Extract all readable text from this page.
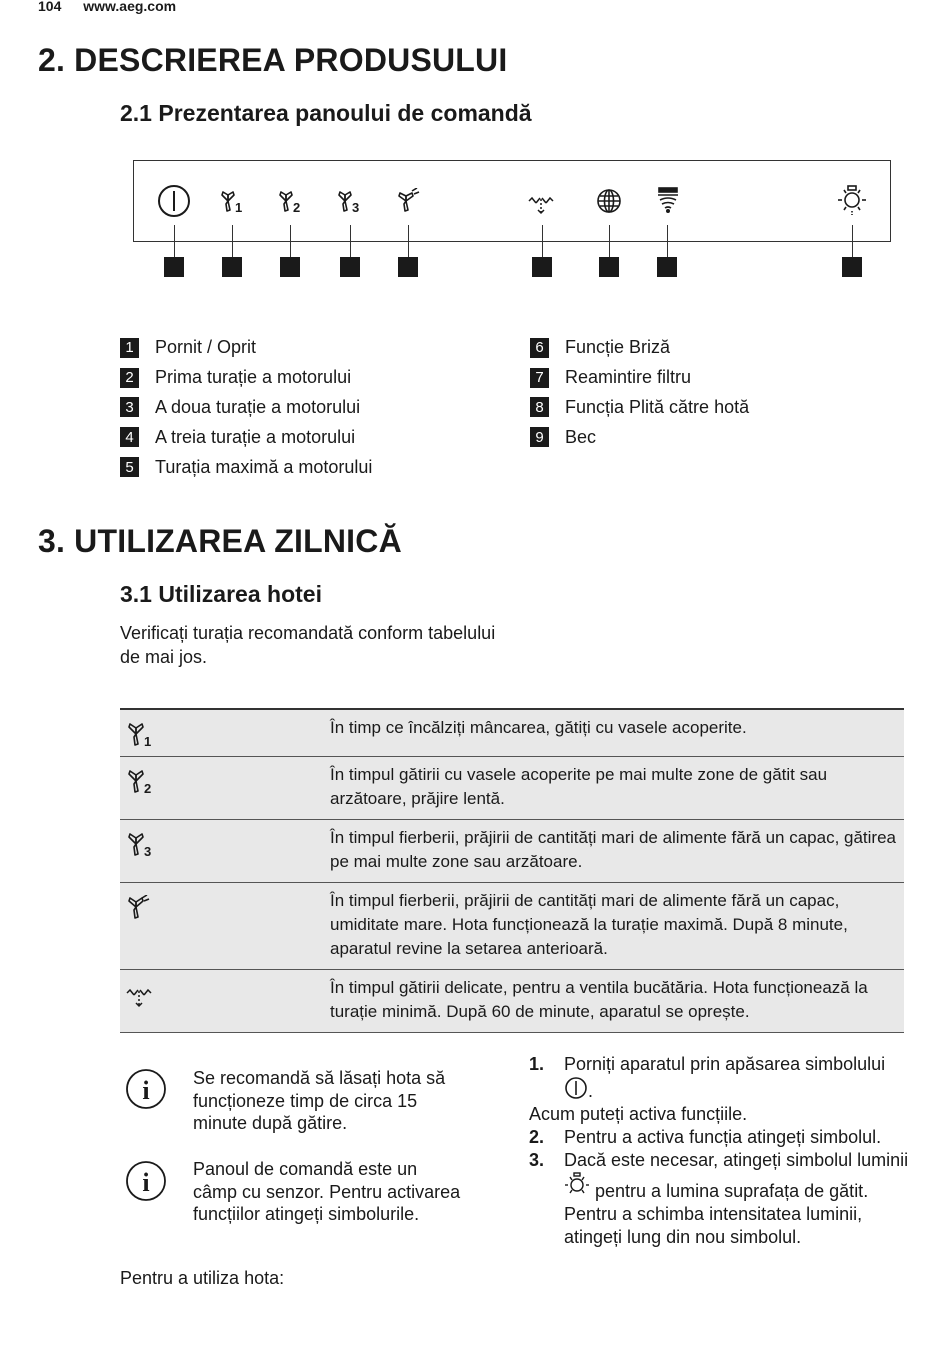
104 www.aeg.com
2. DESCRIEREA PRODUSULUI
2.1 Prezentarea panoului de comandă
1	2	3
1 Pornit / Oprit
2 Prima turație a motorului
3 A doua turație a motorului
4 A treia turație a motorului
5 Turația maximă a motorului
6 Funcție Briză
7 Reamintire filtru
8 Funcția Plită către hotă
9 Bec
3. UTILIZAREA ZILNICĂ
3.1 Utilizarea hotei
Verificați turația recomandată conform tabelului de mai jos.
1	În timp ce încălziți mâncarea, gătiți cu vasele acoperite.

2	În timpul gătirii cu vasele acoperite pe mai multe zone de gătit sau arzătoare, prăjire lentă.

3	În timpul fierberii, prăjirii de cantități mari de alimente fără un capac, gătirea pe mai multe zone sau arzătoare.

	În timpul fierberii, prăjirii de cantități mari de alimente fără un capac, umiditate mare. Hota funcționează la turație maximă. După 8 minute, aparatul revine la setarea anterioară.

	În timpul gătirii delicate, pentru a ventila bucătăria. Hota funcționează la turație minimă. După 60 de minute, aparatul se oprește.
i Se recomandă să lăsați hota să funcționeze timp de circa 15 minute după gătire.
i Panoul de comandă este un câmp cu senzor. Pentru activarea funcțiilor atingeți simbolurile.
Pentru a utiliza hota:
1.	Porniți aparatul prin apăsarea simbolului .
Acum puteți activa funcțiile.
2.	Pentru a activa funcția atingeți simbolul.
3.	Dacă este necesar, atingeți simbolul luminii  pentru a lumina suprafața de gătit. Pentru a schimba intensitatea luminii, atingeți lung din nou simbolul.
